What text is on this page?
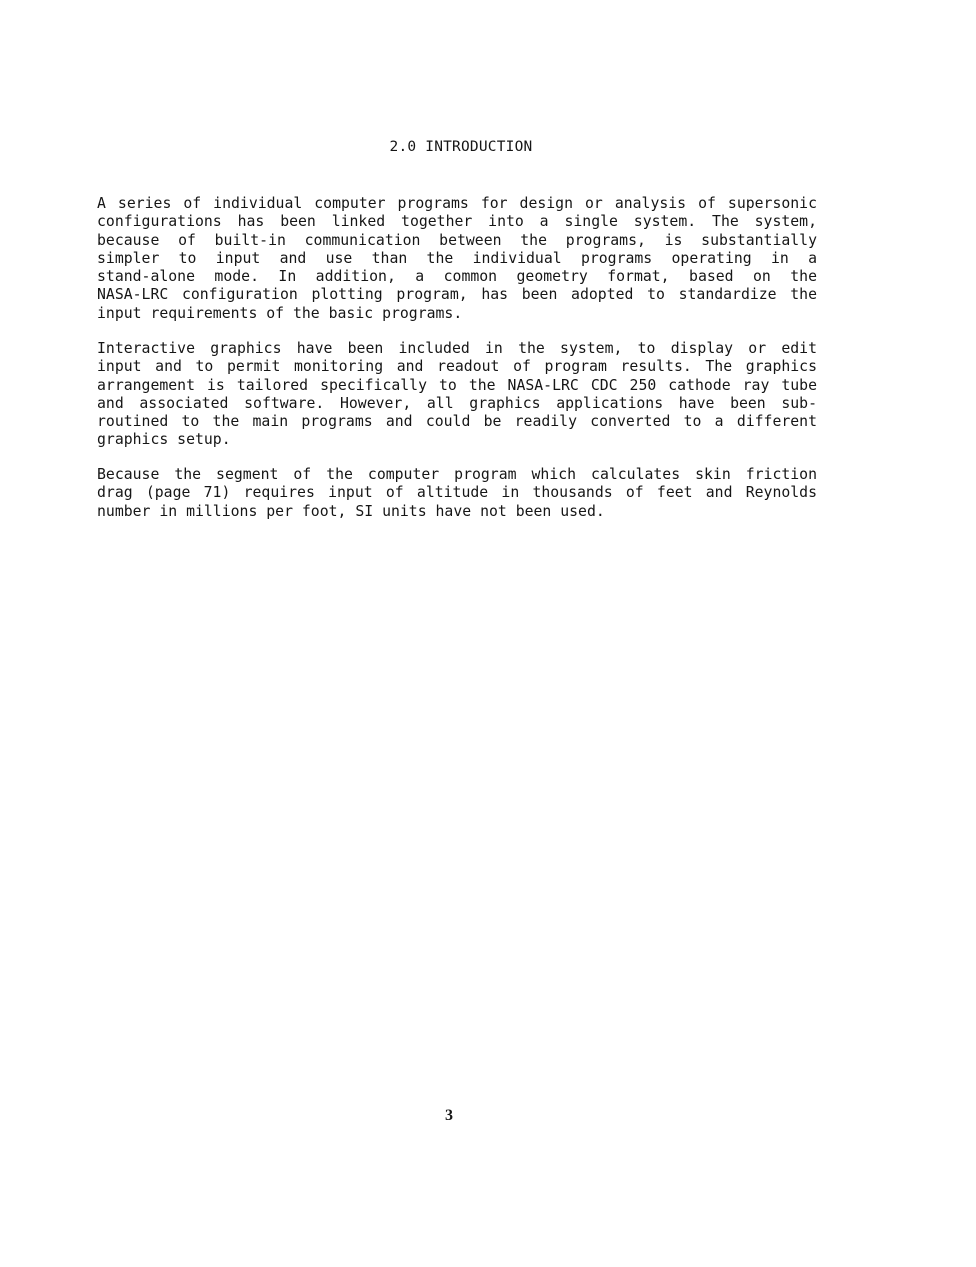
2.0 INTRODUCTION
A series of individual computer programs for design or analysis of supersonic
configurations has been linked together into a single system. The system,
because of built-in communication between the programs, is substantially
simpler to input and use than the individual programs operating in a
stand-alone mode. In addition, a common geometry format, based on the
NASA-LRC configuration plotting program, has been adopted to standardize the
input requirements of the basic programs.
Interactive graphics have been included in the system, to display or edit
input and to permit monitoring and readout of program results. The graphics
arrangement is tailored specifically to the NASA-LRC CDC 250 cathode ray tube
and associated software. However, all graphics applications have been sub-
routined to the main programs and could be readily converted to a different
graphics setup.
Because the segment of the computer program which calculates skin friction
drag (page 71) requires input of altitude in thousands of feet and Reynolds
number in millions per foot, SI units have not been used.
3
